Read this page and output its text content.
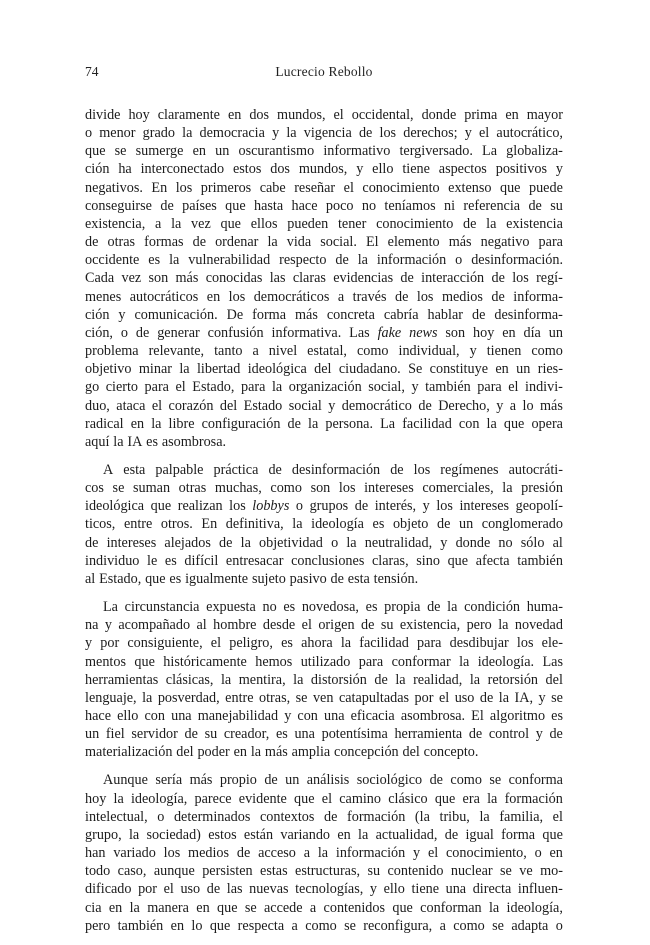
74	Lucrecio Rebollo
divide hoy claramente en dos mundos, el occidental, donde prima en mayor
o menor grado la democracia y la vigencia de los derechos; y el autocrático,
que se sumerge en un oscurantismo informativo tergiversado. La globaliza-
ción ha interconectado estos dos mundos, y ello tiene aspectos positivos y
negativos. En los primeros cabe reseñar el conocimiento extenso que puede
conseguirse de países que hasta hace poco no teníamos ni referencia de su
existencia, a la vez que ellos pueden tener conocimiento de la existencia
de otras formas de ordenar la vida social. El elemento más negativo para
occidente es la vulnerabilidad respecto de la información o desinformación.
Cada vez son más conocidas las claras evidencias de interacción de los regí-
menes autocráticos en los democráticos a través de los medios de informa-
ción y comunicación. De forma más concreta cabría hablar de desinforma-
ción, o de generar confusión informativa. Las fake news son hoy en día un
problema relevante, tanto a nivel estatal, como individual, y tienen como
objetivo minar la libertad ideológica del ciudadano. Se constituye en un ries-
go cierto para el Estado, para la organización social, y también para el indivi-
duo, ataca el corazón del Estado social y democrático de Derecho, y a lo más
radical en la libre configuración de la persona. La facilidad con la que opera
aquí la IA es asombrosa.
A esta palpable práctica de desinformación de los regímenes autocráti-
cos se suman otras muchas, como son los intereses comerciales, la presión
ideológica que realizan los lobbys o grupos de interés, y los intereses geopolí-
ticos, entre otros. En definitiva, la ideología es objeto de un conglomerado
de intereses alejados de la objetividad o la neutralidad, y donde no sólo al
individuo le es difícil entresacar conclusiones claras, sino que afecta también
al Estado, que es igualmente sujeto pasivo de esta tensión.
La circunstancia expuesta no es novedosa, es propia de la condición huma-
na y acompañado al hombre desde el origen de su existencia, pero la novedad
y por consiguiente, el peligro, es ahora la facilidad para desdibujar los ele-
mentos que históricamente hemos utilizado para conformar la ideología. Las
herramientas clásicas, la mentira, la distorsión de la realidad, la retorsión del
lenguaje, la posverdad, entre otras, se ven catapultadas por el uso de la IA, y se
hace ello con una manejabilidad y con una eficacia asombrosa. El algoritmo es
un fiel servidor de su creador, es una potentísima herramienta de control y de
materialización del poder en la más amplia concepción del concepto.
Aunque sería más propio de un análisis sociológico de como se conforma
hoy la ideología, parece evidente que el camino clásico que era la formación
intelectual, o determinados contextos de formación (la tribu, la familia, el
grupo, la sociedad) estos están variando en la actualidad, de igual forma que
han variado los medios de acceso a la información y el conocimiento, o en
todo caso, aunque persisten estas estructuras, su contenido nuclear se ve mo-
dificado por el uso de las nuevas tecnologías, y ello tiene una directa influen-
cia en la manera en que se accede a contenidos que conforman la ideología,
pero también en lo que respecta a como se reconfigura, a como se adapta o
